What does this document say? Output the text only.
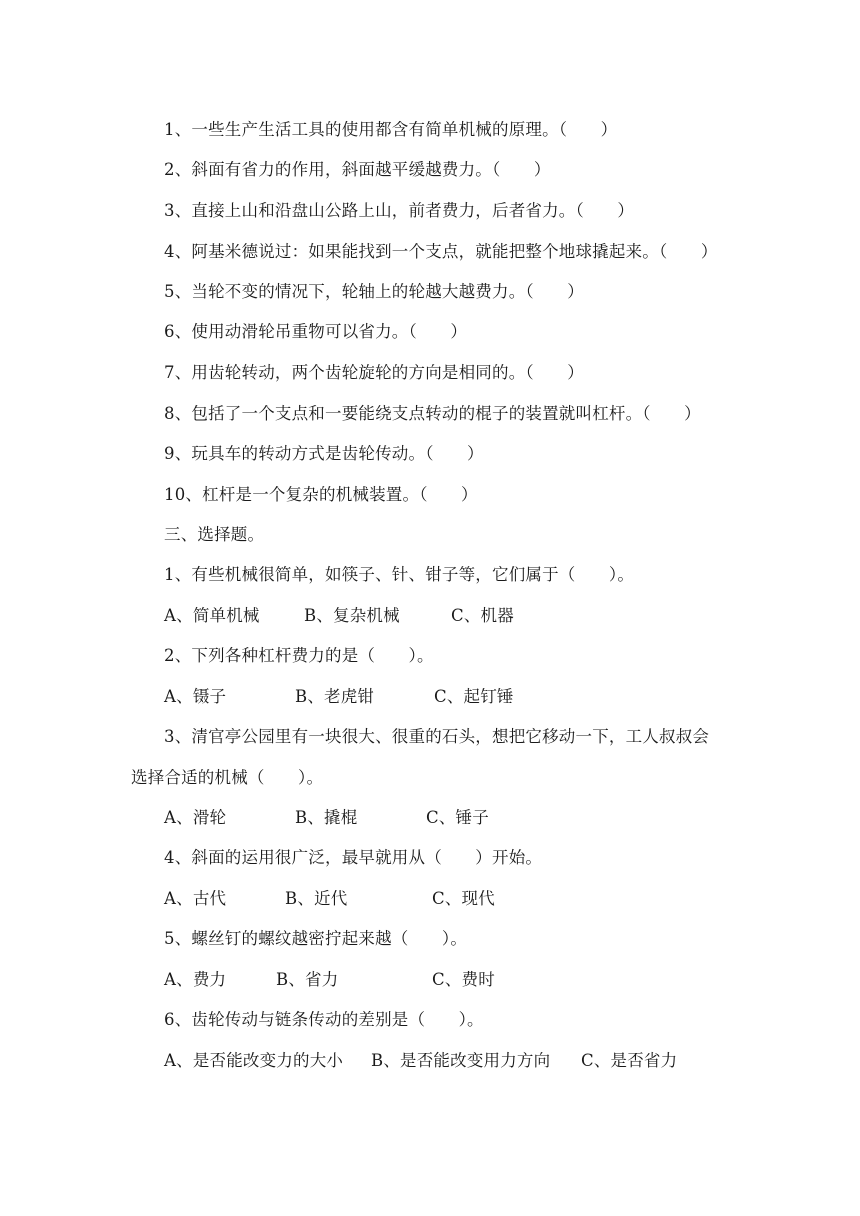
1、一些生产生活工具的使用都含有简单机械的原理。（　　）
2、斜面有省力的作用，斜面越平缓越费力。（　　）
3、直接上山和沿盘山公路上山，前者费力，后者省力。（　　）
4、阿基米德说过：如果能找到一个支点，就能把整个地球撬起来。（　　）
5、当轮不变的情况下，轮轴上的轮越大越费力。（　　）
6、使用动滑轮吊重物可以省力。（　　）
7、用齿轮转动，两个齿轮旋轮的方向是相同的。（　　）
8、包括了一个支点和一要能绕支点转动的棍子的装置就叫杠杆。（　　）
9、玩具车的转动方式是齿轮传动。（　　）
10、杠杆是一个复杂的机械装置。（　　）
三、选择题。
1、有些机械很简单，如筷子、针、钳子等，它们属于（　　）。
A、简单机械	B、复杂机械	C、机器
2、下列各种杠杆费力的是（　　）。
A、镊子	B、老虎钳	C、起钉锤
3、清官亭公园里有一块很大、很重的石头，想把它移动一下，工人叔叔会
选择合适的机械（　　）。
A、滑轮	B、撬棍	C、锤子
4、斜面的运用很广泛，最早就用从（　　）开始。
A、古代	B、近代	C、现代
5、螺丝钉的螺纹越密拧起来越（　　）。
A、费力	B、省力	C、费时
6、齿轮传动与链条传动的差别是（　　）。
A、是否能改变力的大小 B、是否能改变用力方向 C、是否省力
